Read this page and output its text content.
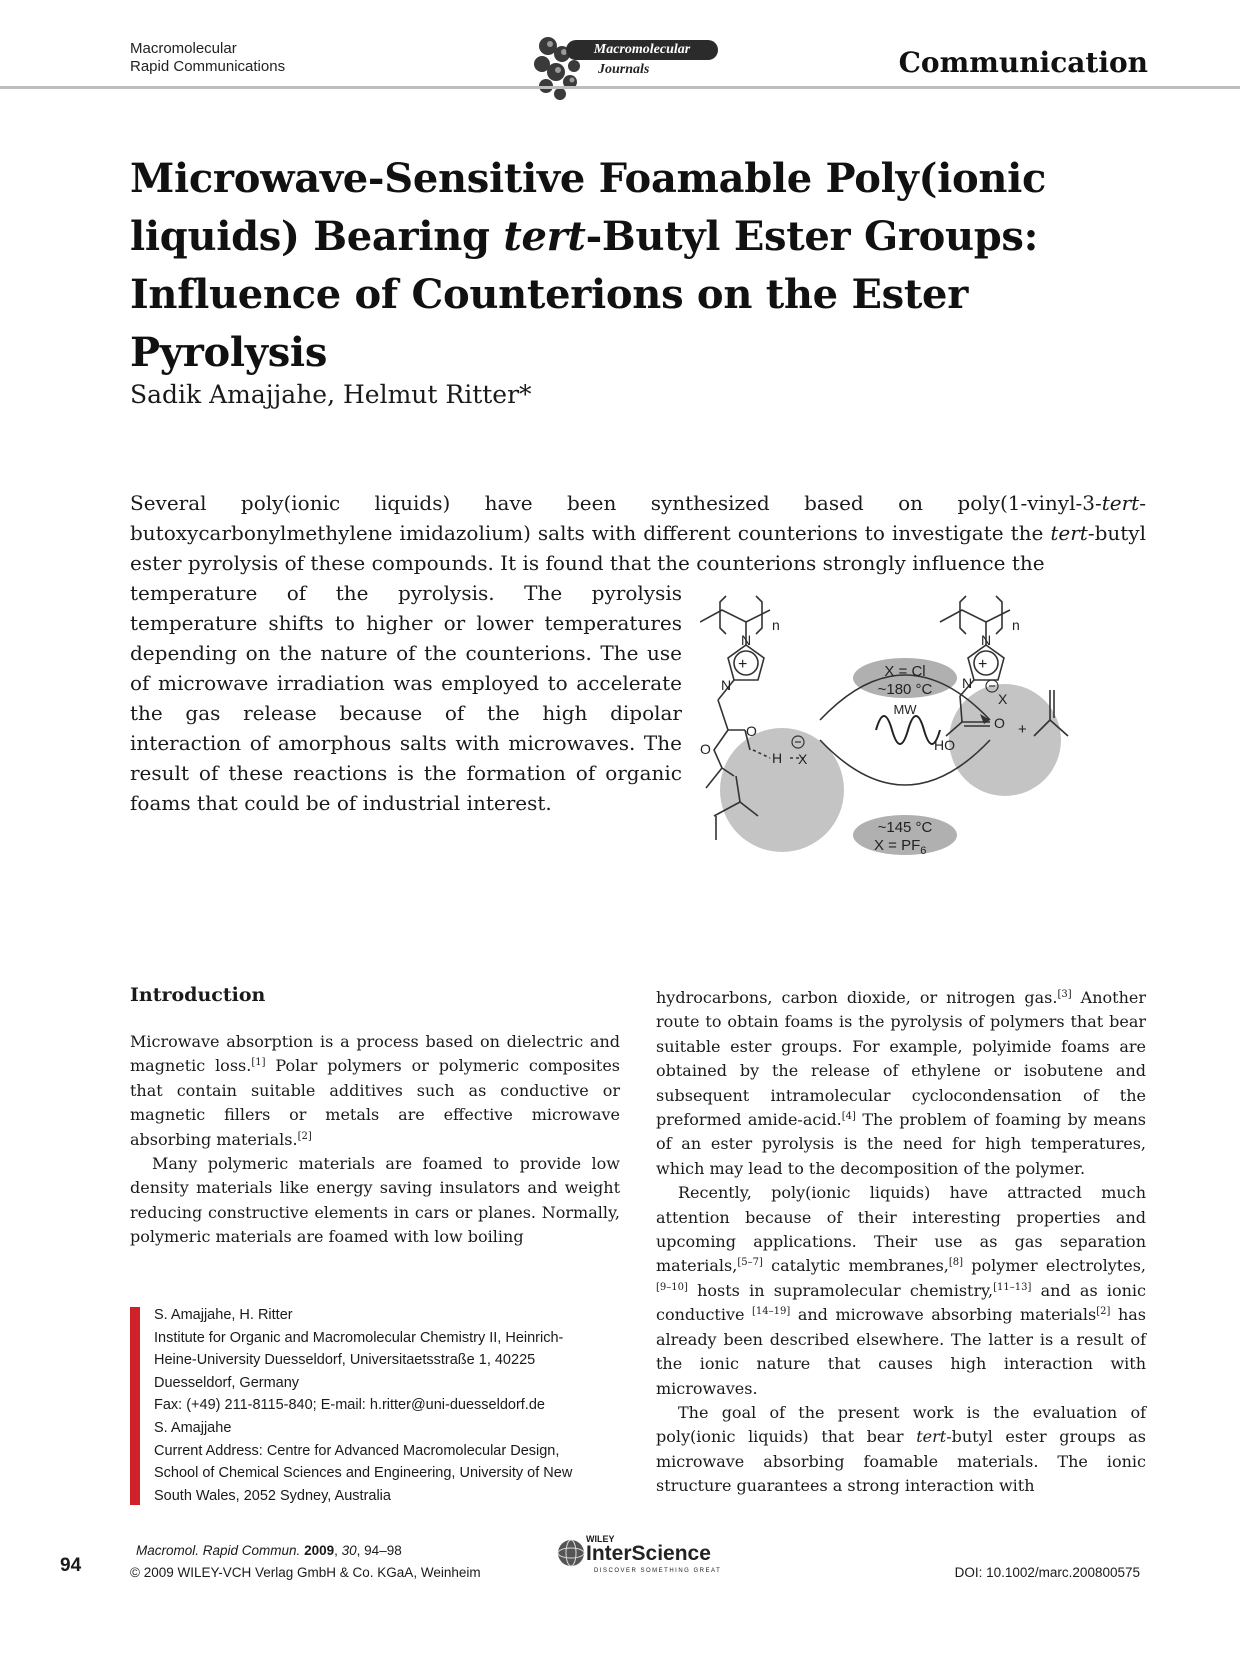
Macromolecular
Rapid Communications
Macromolecular
Journals	Communication
Microwave-Sensitive Foamable Poly(ionic
liquids) Bearing tert-Butyl Ester Groups:
Influence of Counterions on the Ester Pyrolysis
Sadik Amajjahe, Helmut Ritter*
Several poly(ionic liquids) have been synthesized based on poly(1-vinyl-3-tert-butoxycarbonylmethylene imidazolium) salts with different counterions to investigate the tert-butyl ester pyrolysis of these compounds. It is found that the counterions strongly influence the
temperature of the pyrolysis. The pyrolysis temperature shifts to higher or lower temperatures depending on the nature of the counterions. The use of microwave irradiation was employed to accelerate the gas release because of the high dipolar interaction of amorphous salts with microwaves. The result of these reactions is the formation of organic foams that could be of industrial interest.
n
N
N
O
O
H X
+	X = Cl
~180 °C
MW
~145 °C
$X = PF_6$
n
N
N
O
HO
X
+
+
Introduction

Microwave absorption is a process based on dielectric and magnetic loss.[1] Polar polymers or polymeric composites that contain suitable additives such as conductive or magnetic fillers or metals are effective microwave absorbing materials.[2]

Many polymeric materials are foamed to provide low density materials like energy saving insulators and weight reducing constructive elements in cars or planes. Normally, polymeric materials are foamed with low boiling

S. Amajjahe, H. Ritter
Institute for Organic and Macromolecular Chemistry II, Heinrich-
Heine-University Duesseldorf, Universitaetsstraße 1, 40225
Duesseldorf, Germany
Fax: (+49) 211-8115-840; E-mail: h.ritter@uni-duesseldorf.de
S. Amajjahe
Current Address: Centre for Advanced Macromolecular Design,
School of Chemical Sciences and Engineering, University of New
South Wales, 2052 Sydney, Australia

hydrocarbons, carbon dioxide, or nitrogen gas.[3] Another route to obtain foams is the pyrolysis of polymers that bear suitable ester groups. For example, polyimide foams are obtained by the release of ethylene or isobutene and subsequent intramolecular cyclocondensation of the preformed amide-acid.[4] The problem of foaming by means of an ester pyrolysis is the need for high temperatures, which may lead to the decomposition of the polymer.

Recently, poly(ionic liquids) have attracted much attention because of their interesting properties and upcoming applications. Their use as gas separation materials,[5–7] catalytic membranes,[8] polymer electrolytes,[9–10] hosts in supramolecular chemistry,[11–13] and as ionic conductive [14–19] and microwave absorbing materials[2] has already been described elsewhere. The latter is a result of the ionic nature that causes high interaction with microwaves.

The goal of the present work is the evaluation of poly(ionic liquids) that bear tert-butyl ester groups as microwave absorbing foamable materials. The ionic structure guarantees a strong interaction with

94
Macromol. Rapid Commun. 2009, 30, 94–98
© 2009 WILEY-VCH Verlag GmbH & Co. KGaA, Weinheim
WILEY
InterScience
DISCOVER SOMETHING GREAT	DOI: 10.1002/marc.200800575
